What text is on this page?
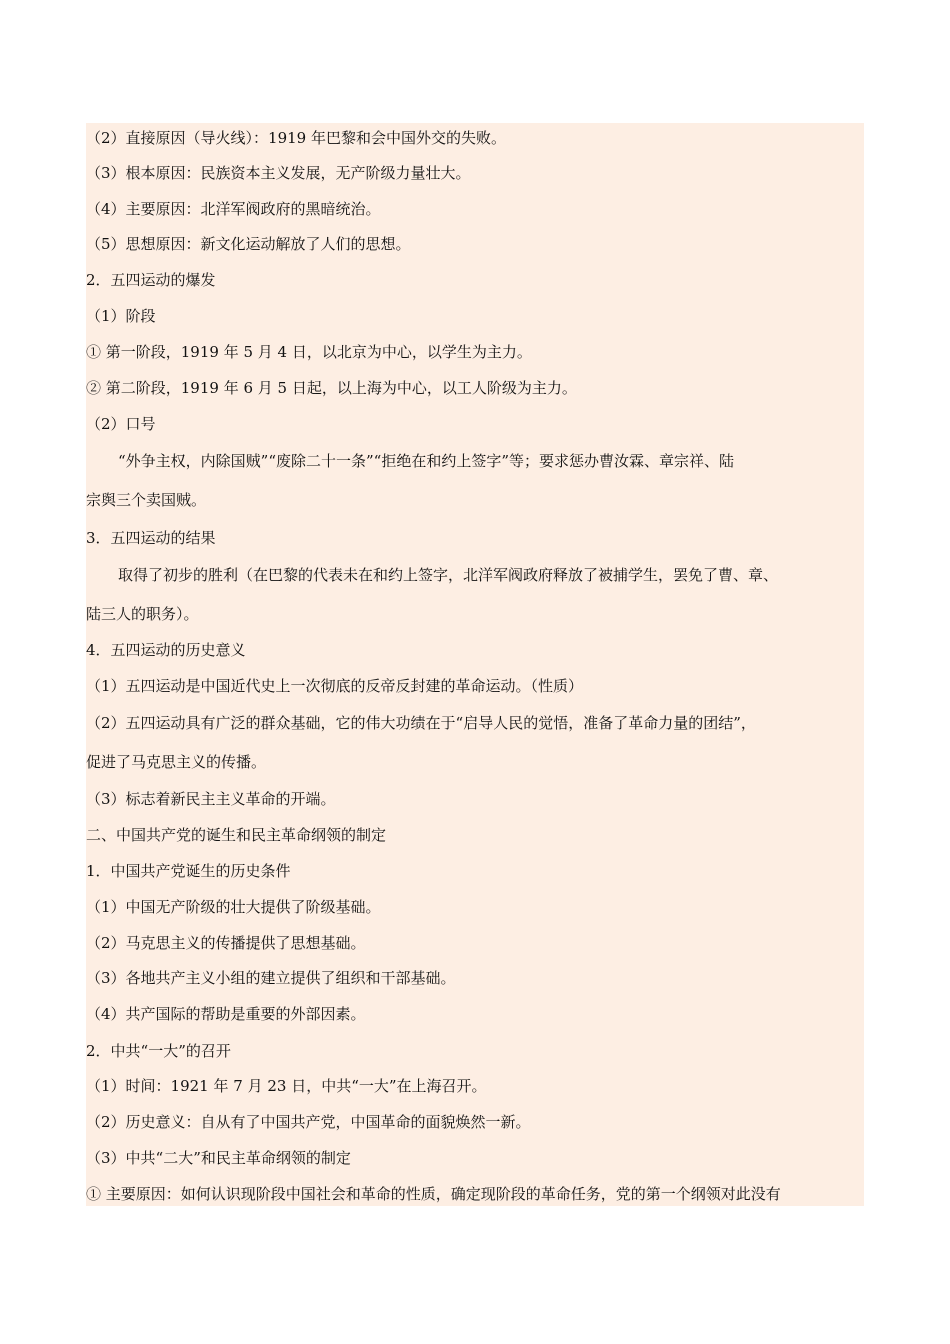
（2）直接原因（导火线）：1919 年巴黎和会中国外交的失败。
（3）根本原因：民族资本主义发展，无产阶级力量壮大。
（4）主要原因：北洋军阀政府的黑暗统治。
（5）思想原因：新文化运动解放了人们的思想。
2．五四运动的爆发
（1）阶段
① 第一阶段，1919 年 5 月 4 日，以北京为中心，以学生为主力。
② 第二阶段，1919 年 6 月 5 日起，以上海为中心，以工人阶级为主力。
（2）口号
“外争主权，内除国贼”“废除二十一条”“拒绝在和约上签字”等；要求惩办曹汝霖、章宗祥、陆
宗舆三个卖国贼。
3．五四运动的结果
取得了初步的胜利（在巴黎的代表未在和约上签字，北洋军阀政府释放了被捕学生，罢免了曹、章、
陆三人的职务）。
4．五四运动的历史意义
（1）五四运动是中国近代史上一次彻底的反帝反封建的革命运动。（性质）
（2）五四运动具有广泛的群众基础，它的伟大功绩在于“启导人民的觉悟，准备了革命力量的团结”，
促进了马克思主义的传播。
（3）标志着新民主主义革命的开端。
二、中国共产党的诞生和民主革命纲领的制定
1．中国共产党诞生的历史条件
（1）中国无产阶级的壮大提供了阶级基础。
（2）马克思主义的传播提供了思想基础。
（3）各地共产主义小组的建立提供了组织和干部基础。
（4）共产国际的帮助是重要的外部因素。
2．中共“一大”的召开
（1）时间：1921 年 7 月 23 日，中共“一大”在上海召开。
（2）历史意义：自从有了中国共产党，中国革命的面貌焕然一新。
（3）中共“二大”和民主革命纲领的制定
① 主要原因：如何认识现阶段中国社会和革命的性质，确定现阶段的革命任务，党的第一个纲领对此没有
